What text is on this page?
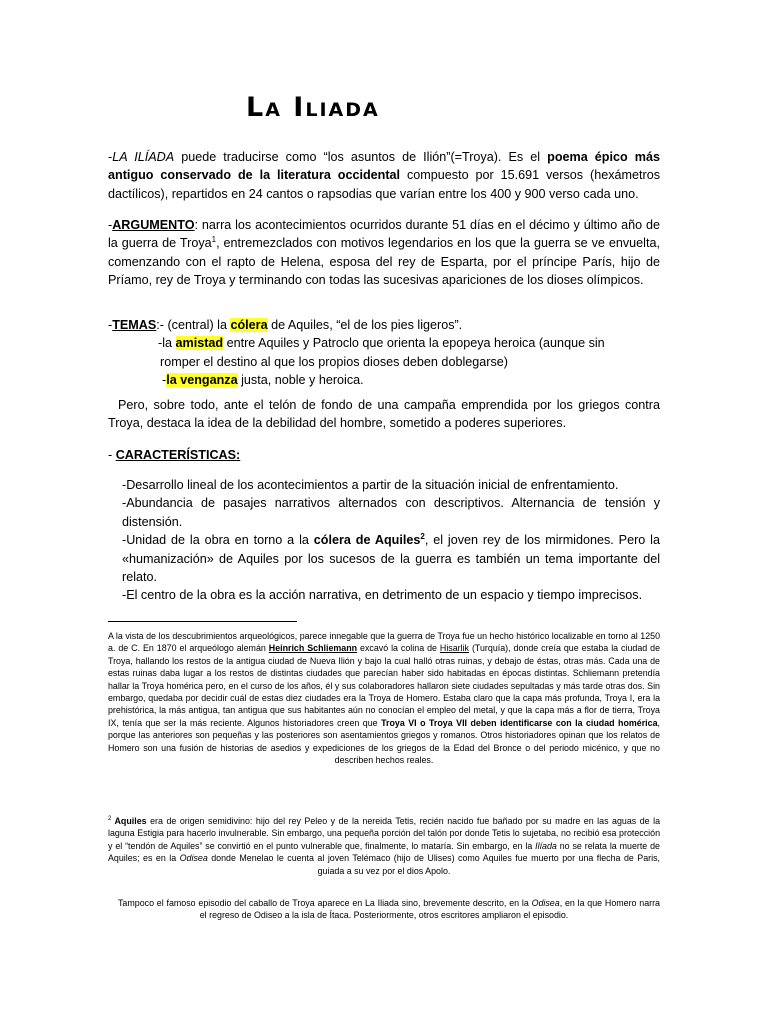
La Iliada

-LA ILÍADA puede traducirse como “los asuntos de Ilión”(=Troya). Es el poema épico más antiguo conservado de la literatura occidental compuesto por 15.691 versos (hexámetros dactílicos), repartidos en 24 cantos o rapsodias que varían entre los 400 y 900 verso cada uno.

-ARGUMENTO: narra los acontecimientos ocurridos durante 51 días en el décimo y último año de la guerra de Troya$^1$, entremezclados con motivos legendarios en los que la guerra se ve envuelta, comenzando con el rapto de Helena, esposa del rey de Esparta, por el príncipe París, hijo de Príamo, rey de Troya y terminando con todas las sucesivas apariciones de los dioses olímpicos.

-TEMAS:- (central) la cólera de Aquiles, “el de los pies ligeros”.

-la amistad entre Aquiles y Patroclo que orienta la epopeya heroica (aunque sin

romper el destino al que los propios dioses deben doblegarse)

-la venganza justa, noble y heroica.

Pero, sobre todo, ante el telón de fondo de una campaña emprendida por los griegos contra Troya, destaca la idea de la debilidad del hombre, sometido a poderes superiores.

- CARACTERÍSTICAS:

-Desarrollo lineal de los acontecimientos a partir de la situación inicial de enfrentamiento.

-Abundancia de pasajes narrativos alternados con descriptivos. Alternancia de tensión y distensión.

-Unidad de la obra en torno a la cólera de Aquiles$^2$, el joven rey de los mirmidones. Pero la «humanización» de Aquiles por los sucesos de la guerra es también un tema importante del relato.

-El centro de la obra es la acción narrativa, en detrimento de un espacio y tiempo imprecisos.

A la vista de los descubrimientos arqueológicos, parece innegable que la guerra de Troya fue un hecho histórico localizable en torno al 1250 a. de C. En 1870 el arqueólogo alemán Heinrich Schliemann excavó la colina de Hisarlik (Turquía), donde creía que estaba la ciudad de Troya, hallando los restos de la antigua ciudad de Nueva Ilión y bajo la cual halló otras ruinas, y debajo de éstas, otras más. Cada una de estas ruinas daba lugar a los restos de distintas ciudades que parecían haber sido habitadas en épocas distintas. Schliemann pretendía hallar la Troya homérica pero, en el curso de los años, él y sus colaboradores hallaron siete ciudades sepultadas y más tarde otras dos. Sin embargo, quedaba por decidir cuál de estas diez ciudades era la Troya de Homero. Estaba claro que la capa más profunda, Troya I, era la prehistórica, la más antigua, tan antigua que sus habitantes aún no conocían el empleo del metal, y que la capa más a flor de tierra, Troya IX, tenía que ser la más reciente. Algunos historiadores creen que Troya VI o Troya VII deben identificarse con la ciudad homérica, porque las anteriores son pequeñas y las posteriores son asentamientos griegos y romanos. Otros historiadores opinan que los relatos de Homero son una fusión de historias de asedios y expediciones de los griegos de la Edad del Bronce o del periodo micénico, y que no describen hechos reales.

$^2$ Aquiles era de origen semidivino: hijo del rey Peleo y de la nereida Tetis, recién nacido fue bañado por su madre en las aguas de la laguna Estigia para hacerlo invulnerable. Sin embargo, una pequeña porción del talón por donde Tetis lo sujetaba, no recibió esa protección y el “tendón de Aquiles” se convirtió en el punto vulnerable que, finalmente, lo mataría. Sin embargo, en la Ilíada no se relata la muerte de Aquiles; es en la Odisea donde Menelao le cuenta al joven Telémaco (hijo de Ulises) como Aquiles fue muerto por una flecha de Paris, guiada a su vez por el dios Apolo.

Tampoco el famoso episodio del caballo de Troya aparece en La Iliada sino, brevemente descrito, en la Odisea, en la que Homero narra el regreso de Odiseo a la isla de Ítaca. Posteriormente, otros escritores ampliaron el episodio.
